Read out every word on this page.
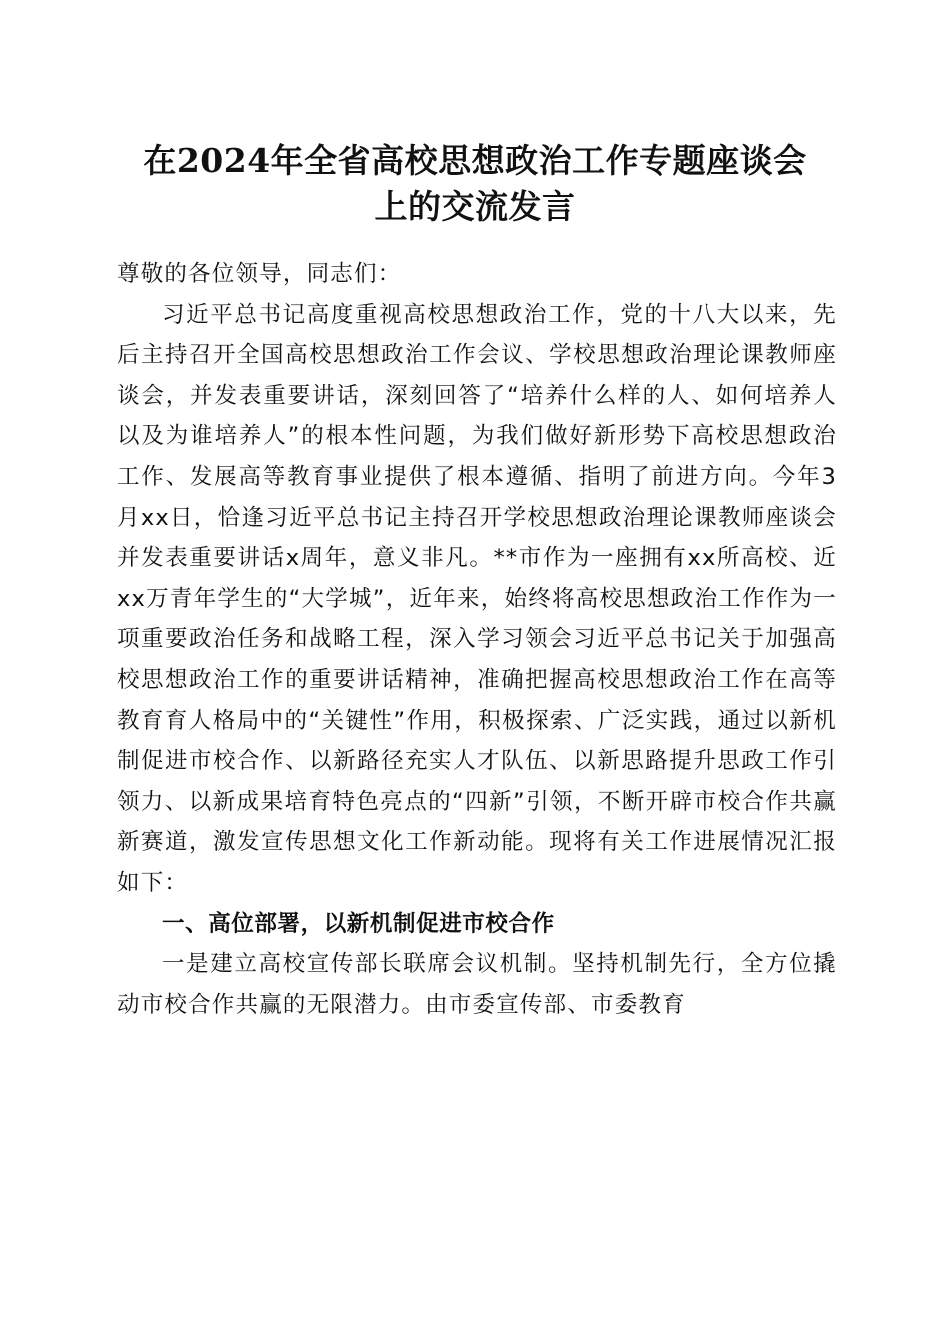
在2024年全省高校思想政治工作专题座谈会
上的交流发言

尊敬的各位领导，同志们：

习近平总书记高度重视高校思想政治工作，党的十八大以来，先后主持召开全国高校思想政治工作会议、学校思想政治理论课教师座谈会，并发表重要讲话，深刻回答了“培养什么样的人、如何培养人以及为谁培养人”的根本性问题，为我们做好新形势下高校思想政治工作、发展高等教育事业提供了根本遵循、指明了前进方向。今年3月xx日，恰逢习近平总书记主持召开学校思想政治理论课教师座谈会并发表重要讲话x周年，意义非凡。**市作为一座拥有xx所高校、近xx万青年学生的“大学城”，近年来，始终将高校思想政治工作作为一项重要政治任务和战略工程，深入学习领会习近平总书记关于加强高校思想政治工作的重要讲话精神，准确把握高校思想政治工作在高等教育育人格局中的“关键性”作用，积极探索、广泛实践，通过以新机制促进市校合作、以新路径充实人才队伍、以新思路提升思政工作引领力、以新成果培育特色亮点的“四新”引领，不断开辟市校合作共赢新赛道，激发宣传思想文化工作新动能。现将有关工作进展情况汇报如下：

一、高位部署，以新机制促进市校合作

一是建立高校宣传部长联席会议机制。坚持机制先行，全方位撬动市校合作共赢的无限潜力。由市委宣传部、市委教育
